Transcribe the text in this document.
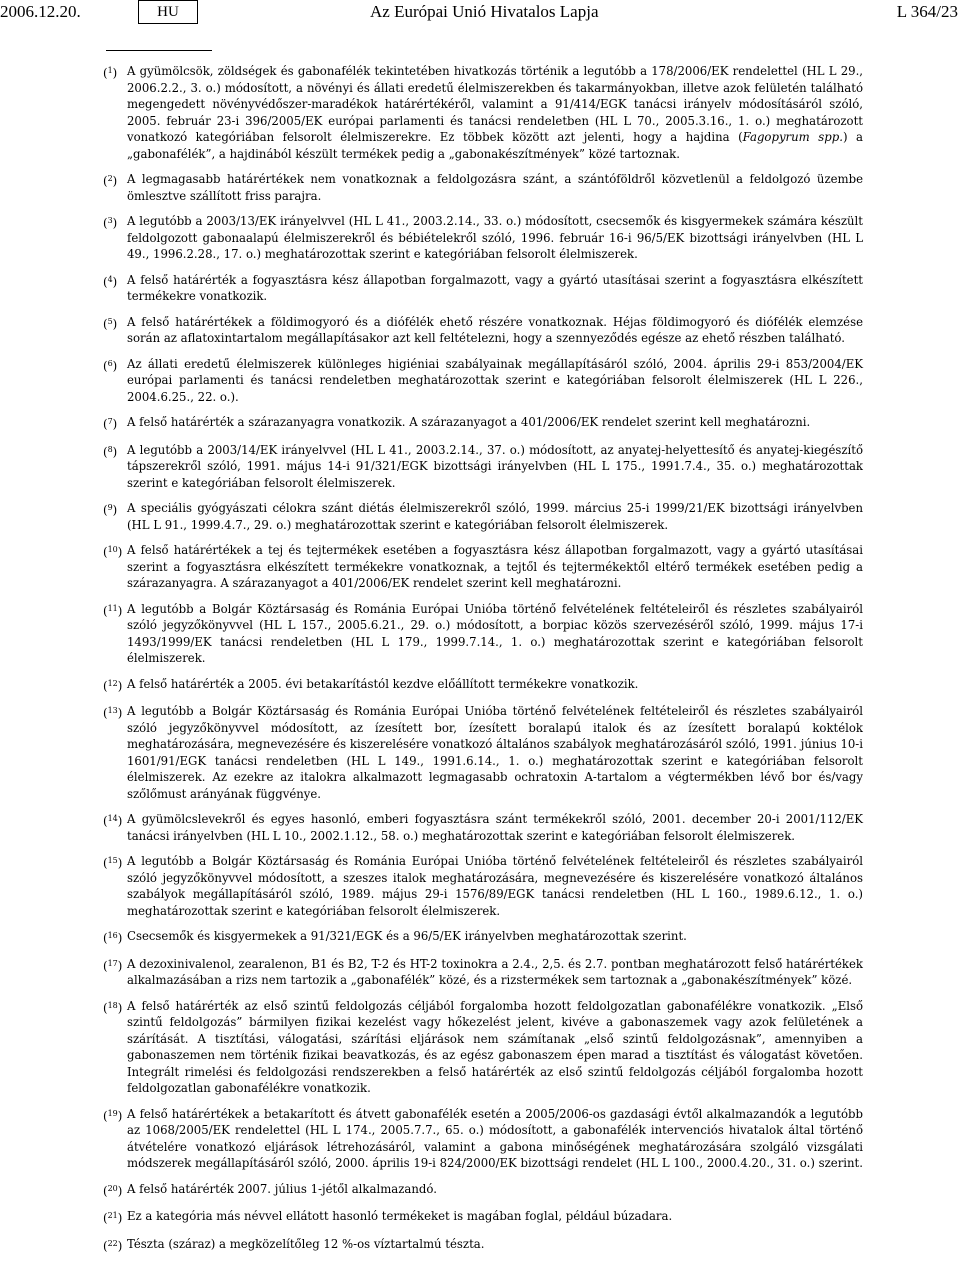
2006.12.20.	HU	Az Európai Unió Hivatalos Lapja	L 364/23
($^1$) A gyümölcsök, zöldségek és gabonafélék tekintetében hivatkozás történik a legutóbb a 178/2006/EK rendelettel (HL L 29., 2006.2.2., 3. o.) módosított, a növényi és állati eredetű élelmiszerekben és takarmányokban, illetve azok felületén található megengedett növényvédőszer-maradékok határértékéről, valamint a 91/414/EGK tanácsi irányelv módosításáról szóló, 2005. február 23-i 396/2005/EK európai parlamenti és tanácsi rendeletben (HL L 70., 2005.3.16., 1. o.) meghatározott vonatkozó kategóriában felsorolt élelmiszerekre. Ez többek között azt jelenti, hogy a hajdina (Fagopyrum spp.) a „gabonafélék”, a hajdinából készült termékek pedig a „gabonakészítmények” közé tartoznak.
($^2$) A legmagasabb határértékek nem vonatkoznak a feldolgozásra szánt, a szántóföldről közvetlenül a feldolgozó üzembe ömlesztve szállított friss parajra.
($^3$) A legutóbb a 2003/13/EK irányelvvel (HL L 41., 2003.2.14., 33. o.) módosított, csecsemők és kisgyermekek számára készült feldolgozott gabonaalapú élelmiszerekről és bébiételekről szóló, 1996. február 16-i 96/5/EK bizottsági irányelvben (HL L 49., 1996.2.28., 17. o.) meghatározottak szerint e kategóriában felsorolt élelmiszerek.
($^4$) A felső határérték a fogyasztásra kész állapotban forgalmazott, vagy a gyártó utasításai szerint a fogyasztásra elkészített termékekre vonatkozik.
($^5$) A felső határértékek a földimogyoró és a diófélék ehető részére vonatkoznak. Héjas földimogyoró és diófélék elemzése során az aflatoxintartalom megállapításakor azt kell feltételezni, hogy a szennyeződés egésze az ehető részben található.
($^6$) Az állati eredetű élelmiszerek különleges higiéniai szabályainak megállapításáról szóló, 2004. április 29-i 853/2004/EK európai parlamenti és tanácsi rendeletben meghatározottak szerint e kategóriában felsorolt élelmiszerek (HL L 226., 2004.6.25., 22. o.).
($^7$) A felső határérték a szárazanyagra vonatkozik. A szárazanyagot a 401/2006/EK rendelet szerint kell meghatározni.
($^8$) A legutóbb a 2003/14/EK irányelvvel (HL L 41., 2003.2.14., 37. o.) módosított, az anyatej-helyettesítő és anyatej-kiegészítő tápszerekről szóló, 1991. május 14-i 91/321/EGK bizottsági irányelvben (HL L 175., 1991.7.4., 35. o.) meghatározottak szerint e kategóriában felsorolt élelmiszerek.
($^9$) A speciális gyógyászati célokra szánt diétás élelmiszerekről szóló, 1999. március 25-i 1999/21/EK bizottsági irányelvben (HL L 91., 1999.4.7., 29. o.) meghatározottak szerint e kategóriában felsorolt élelmiszerek.
($^{10}$) A felső határértékek a tej és tejtermékek esetében a fogyasztásra kész állapotban forgalmazott, vagy a gyártó utasításai szerint a fogyasztásra elkészített termékekre vonatkoznak, a tejtől és tejtermékektől eltérő termékek esetében pedig a szárazanyagra. A szárazanyagot a 401/2006/EK rendelet szerint kell meghatározni.
($^{11}$) A legutóbb a Bolgár Köztársaság és Románia Európai Unióba történő felvételének feltételeiről és részletes szabályairól szóló jegyzőkönyvvel (HL L 157., 2005.6.21., 29. o.) módosított, a borpiac közös szervezéséről szóló, 1999. május 17-i 1493/1999/EK tanácsi rendeletben (HL L 179., 1999.7.14., 1. o.) meghatározottak szerint e kategóriában felsorolt élelmiszerek.
($^{12}$) A felső határérték a 2005. évi betakarítástól kezdve előállított termékekre vonatkozik.
($^{13}$) A legutóbb a Bolgár Köztársaság és Románia Európai Unióba történő felvételének feltételeiről és részletes szabályairól szóló jegyzőkönyvvel módosított, az ízesített bor, ízesített boralapú italok és az ízesített boralapú koktélok meghatározására, megnevezésére és kiszerelésére vonatkozó általános szabályok meghatározásáról szóló, 1991. június 10-i 1601/91/EGK tanácsi rendeletben (HL L 149., 1991.6.14., 1. o.) meghatározottak szerint e kategóriában felsorolt élelmiszerek. Az ezekre az italokra alkalmazott legmagasabb ochratoxin A-tartalom a végtermékben lévő bor és/vagy szőlőmust arányának függvénye.
($^{14}$) A gyümölcslevekről és egyes hasonló, emberi fogyasztásra szánt termékekről szóló, 2001. december 20-i 2001/112/EK tanácsi irányelvben (HL L 10., 2002.1.12., 58. o.) meghatározottak szerint e kategóriában felsorolt élelmiszerek.
($^{15}$) A legutóbb a Bolgár Köztársaság és Románia Európai Unióba történő felvételének feltételeiről és részletes szabályairól szóló jegyzőkönyvvel módosított, a szeszes italok meghatározására, megnevezésére és kiszerelésére vonatkozó általános szabályok megállapításáról szóló, 1989. május 29-i 1576/89/EGK tanácsi rendeletben (HL L 160., 1989.6.12., 1. o.) meghatározottak szerint e kategóriában felsorolt élelmiszerek.
($^{16}$) Csecsemők és kisgyermekek a 91/321/EGK és a 96/5/EK irányelvben meghatározottak szerint.
($^{17}$) A dezoxinivalenol, zearalenon, B1 és B2, T-2 és HT-2 toxinokra a 2.4., 2,5. és 2.7. pontban meghatározott felső határértékek alkalmazásában a rizs nem tartozik a „gabonafélék” közé, és a rizstermékek sem tartoznak a „gabonakészítmények” közé.
($^{18}$) A felső határérték az első szintű feldolgozás céljából forgalomba hozott feldolgozatlan gabonafélékre vonatkozik. „Első szintű feldolgozás” bármilyen fizikai kezelést vagy hőkezelést jelent, kivéve a gabonaszemek vagy azok felületének a szárítását. A tisztítási, válogatási, szárítási eljárások nem számítanak „első szintű feldolgozásnak”, amennyiben a gabonaszemen nem történik fizikai beavatkozás, és az egész gabonaszem épen marad a tisztítást és válogatást követően. Integrált rimelési és feldolgozási rendszerekben a felső határérték az első szintű feldolgozás céljából forgalomba hozott feldolgozatlan gabonafélékre vonatkozik.
($^{19}$) A felső határértékek a betakarított és átvett gabonafélék esetén a 2005/2006-os gazdasági évtől alkalmazandók a legutóbb az 1068/2005/EK rendelettel (HL L 174., 2005.7.7., 65. o.) módosított, a gabonafélék intervenciós hivatalok által történő átvételére vonatkozó eljárások létrehozásáról, valamint a gabona minőségének meghatározására szolgáló vizsgálati módszerek megállapításáról szóló, 2000. április 19-i 824/2000/EK bizottsági rendelet (HL L 100., 2000.4.20., 31. o.) szerint.
($^{20}$) A felső határérték 2007. július 1-jétől alkalmazandó.
($^{21}$) Ez a kategória más névvel ellátott hasonló termékeket is magában foglal, például búzadara.
($^{22}$) Tészta (száraz) a megközelítőleg 12 %-os víztartalmú tészta.
